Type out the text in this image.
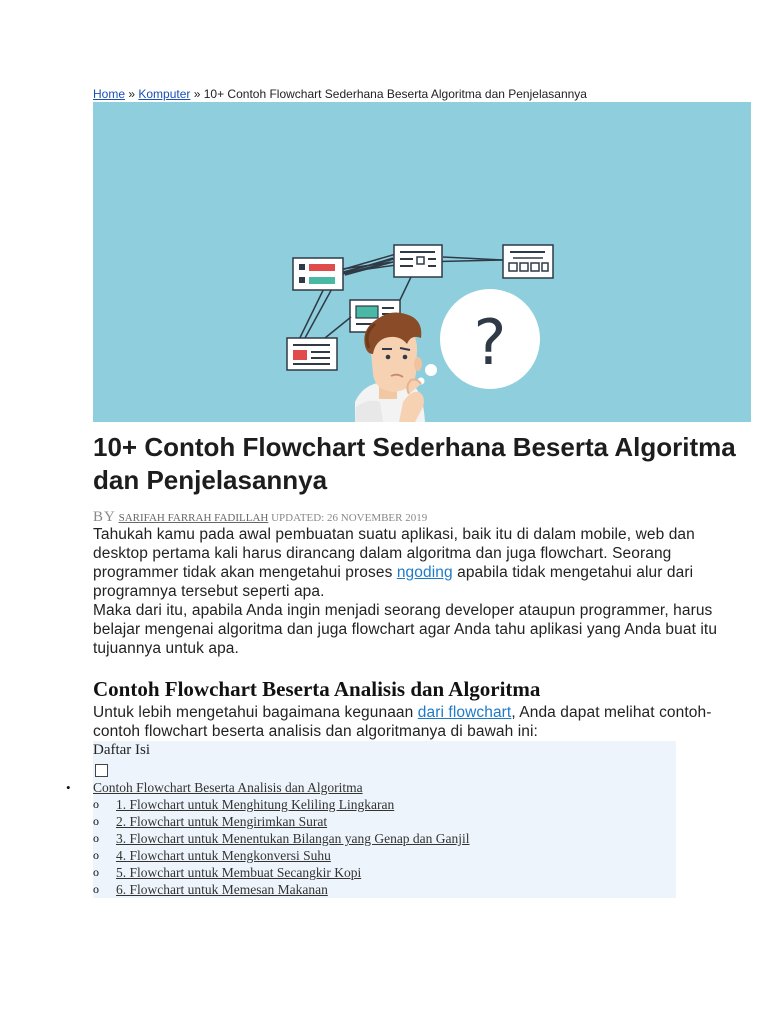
Home » Komputer » 10+ Contoh Flowchart Sederhana Beserta Algoritma dan Penjelasannya
?
10+ Contoh Flowchart Sederhana Beserta Algoritma dan Penjelasannya
BY SARIFAH FARRAH FADILLAH UPDATED: 26 NOVEMBER 2019

Tahukah kamu pada awal pembuatan suatu aplikasi, baik itu di dalam mobile, web dan desktop pertama kali harus dirancang dalam algoritma dan juga flowchart. Seorang programmer tidak akan mengetahui proses ngoding apabila tidak mengetahui alur dari programnya tersebut seperti apa.

Maka dari itu, apabila Anda ingin menjadi seorang developer ataupun programmer, harus belajar mengenai algoritma dan juga flowchart agar Anda tahu aplikasi yang Anda buat itu tujuannya untuk apa.

Contoh Flowchart Beserta Analisis dan Algoritma

Untuk lebih mengetahui bagaimana kegunaan dari flowchart, Anda dapat melihat contoh-contoh flowchart beserta analisis dan algoritmanya di bawah ini:

Daftar Isi
• Contoh Flowchart Beserta Analisis dan Algoritma
o 1. Flowchart untuk Menghitung Keliling Lingkaran
o 2. Flowchart untuk Mengirimkan Surat
o 3. Flowchart untuk Menentukan Bilangan yang Genap dan Ganjil
o 4. Flowchart untuk Mengkonversi Suhu
o 5. Flowchart untuk Membuat Secangkir Kopi
o 6. Flowchart untuk Memesan Makanan
